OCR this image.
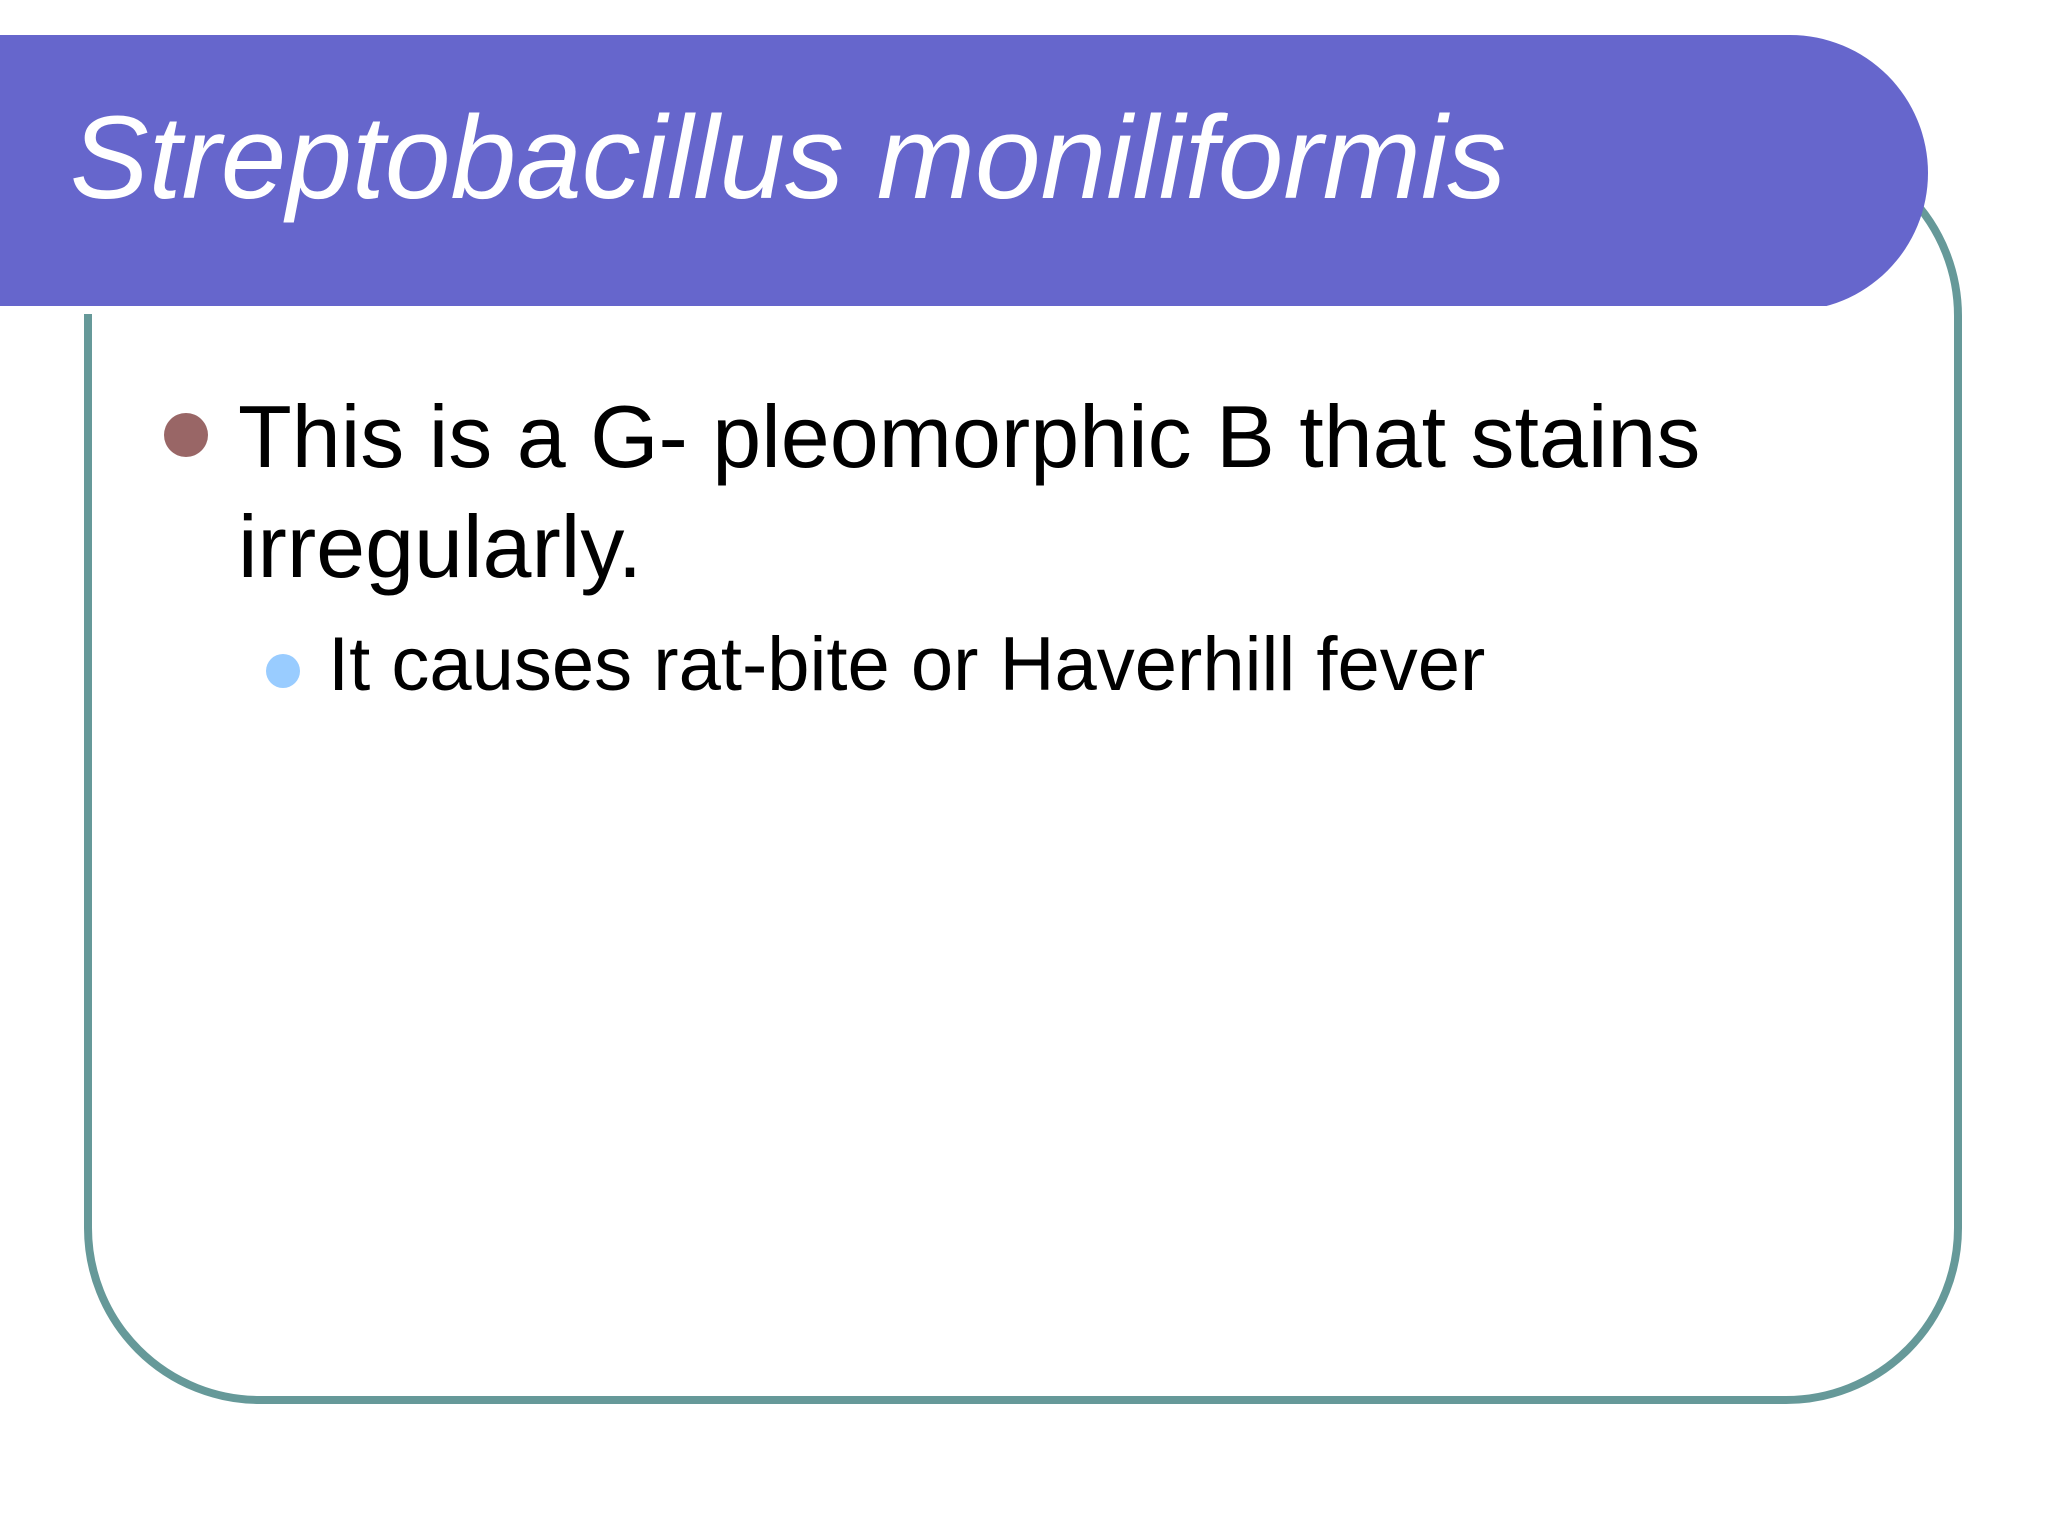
Streptobacillus moniliformis
This is a G- pleomorphic B that stains irregularly.
It causes rat-bite or Haverhill fever
